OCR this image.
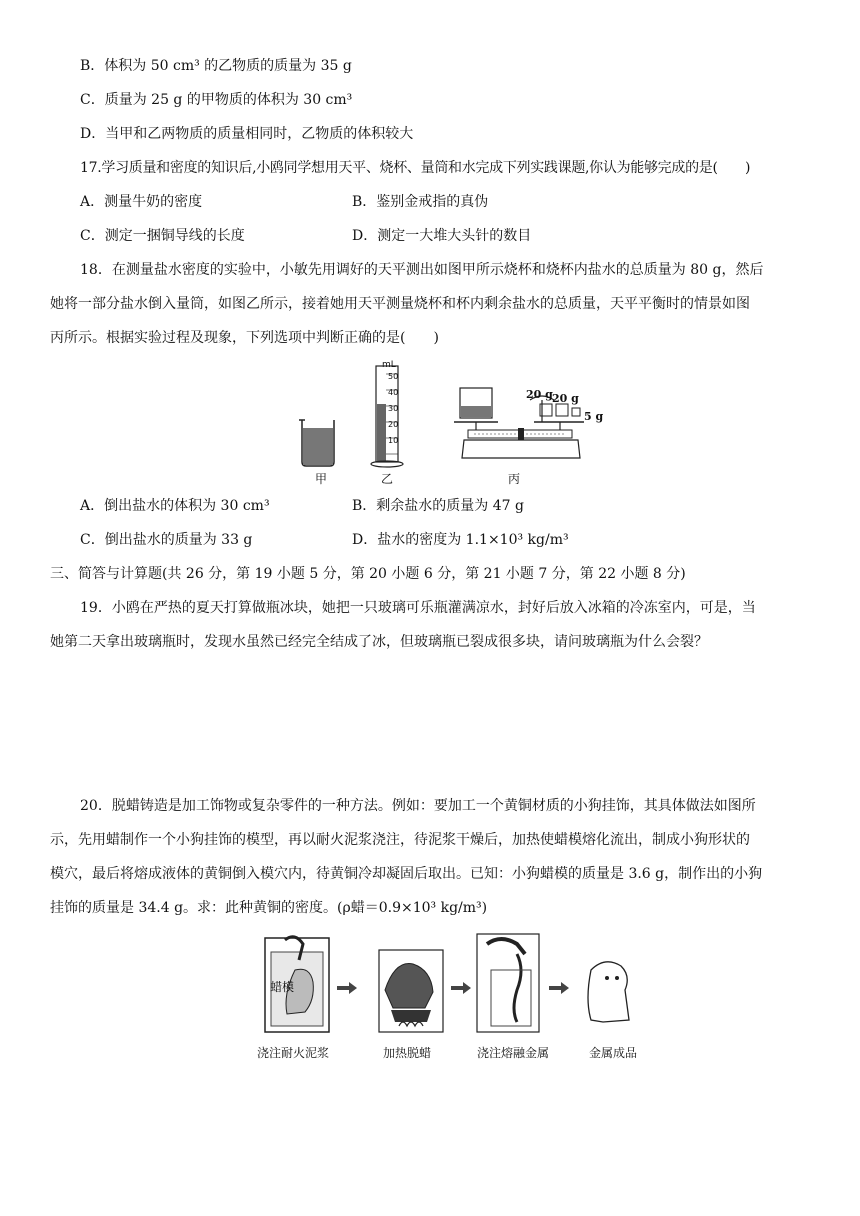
B．体积为 50 cm³ 的乙物质的质量为 35 g
C．质量为 25 g 的甲物质的体积为 30 cm³
D．当甲和乙两物质的质量相同时，乙物质的体积较大
17.学习质量和密度的知识后,小鸥同学想用天平、烧杯、量筒和水完成下列实践课题,你认为能够完成的是(　　)
A．测量牛奶的密度	B．鉴别金戒指的真伪
C．测定一捆铜导线的长度	D．测定一大堆大头针的数目
18．在测量盐水密度的实验中，小敏先用调好的天平测出如图甲所示烧杯和烧杯内盐水的总质量为 80 g，然后
她将一部分盐水倒入量筒，如图乙所示，接着她用天平测量烧杯和杯内剩余盐水的总质量，天平平衡时的情景如图
丙所示。根据实验过程及现象，下列选项中判断正确的是(　　)
mL
50
40
30
20
10
20 g 20 g
5 g
甲	乙	丙
A．倒出盐水的体积为 30 cm³	B．剩余盐水的质量为 47 g
C．倒出盐水的质量为 33 g	D．盐水的密度为 1.1×10³ kg/m³
三、简答与计算题(共 26 分，第 19 小题 5 分，第 20 小题 6 分，第 21 小题 7 分，第 22 小题 8 分)
19．小鸥在严热的夏天打算做瓶冰块，她把一只玻璃可乐瓶灌满凉水，封好后放入冰箱的冷冻室内，可是，当
她第二天拿出玻璃瓶时，发现水虽然已经完全结成了冰，但玻璃瓶已裂成很多块，请问玻璃瓶为什么会裂？
20．脱蜡铸造是加工饰物或复杂零件的一种方法。例如：要加工一个黄铜材质的小狗挂饰，其具体做法如图所
示，先用蜡制作一个小狗挂饰的模型，再以耐火泥浆浇注，待泥浆干燥后，加热使蜡模熔化流出，制成小狗形状的
模穴，最后将熔成液体的黄铜倒入模穴内，待黄铜冷却凝固后取出。已知：小狗蜡模的质量是 3.6 g，制作出的小狗
挂饰的质量是 34.4 g。求：此种黄铜的密度。(ρ蜡＝0.9×10³ kg/m³)
蜡模
浇注耐火泥浆	加热脱蜡	浇注熔融金属	金属成品
